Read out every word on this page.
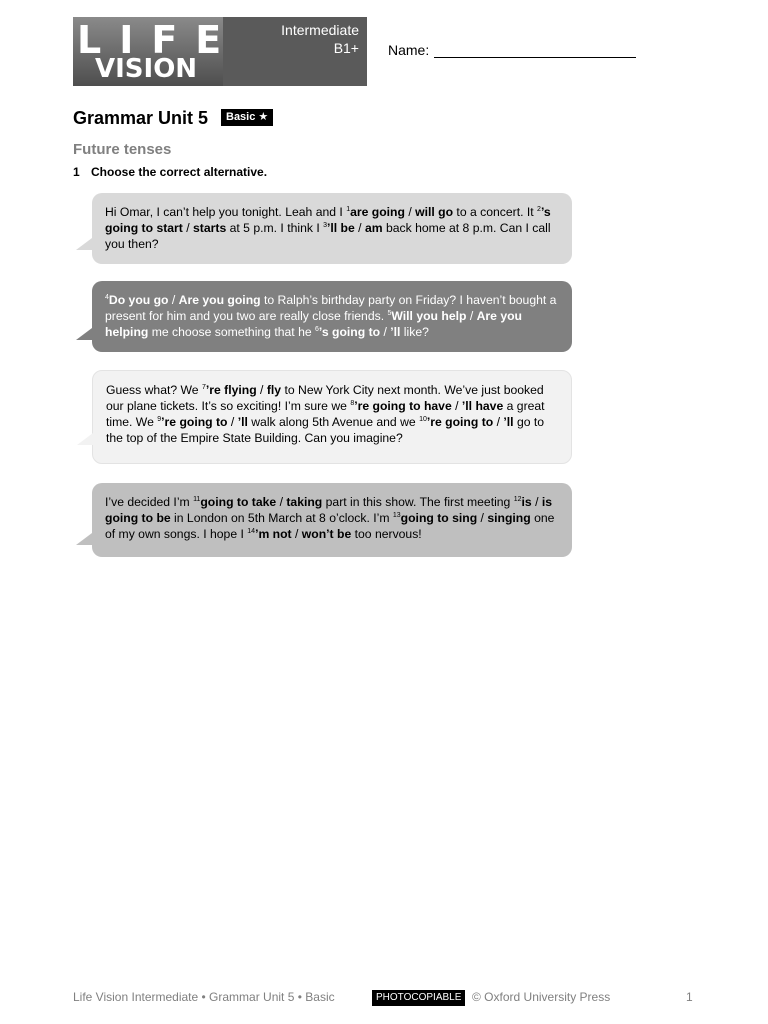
LIFE
VISION
Intermediate
B1+ Name:
Grammar Unit 5	Basic ★
Future tenses
1 Choose the correct alternative.
Hi Omar, I can’t help you tonight. Leah and I $^1$are going / will go to a concert. It $^2$’s going to start / starts at 5 p.m. I think I $^3$’ll be / am back home at 8 p.m. Can I call you then?
$^4$Do you go / Are you going to Ralph’s birthday party on Friday? I haven’t bought a present for him and you two are really close friends. $^5$Will you help / Are you helping me choose something that he $^6$’s going to / ’ll like?
Guess what? We $^7$’re flying / fly to New York City next month. We’ve just booked our plane tickets. It’s so exciting! I’m sure we $^8$’re going to have / ’ll have a great time. We $^9$’re going to / ’ll walk along 5th Avenue and we $^{10}$’re going to / ’ll go to the top of the Empire State Building. Can you imagine?
I’ve decided I’m $^{11}$going to take / taking part in this show. The first meeting $^{12}$is / is going to be in London on 5th March at 8 o’clock. I’m $^{13}$going to sing / singing one of my own songs. I hope I $^{14}$’m not / won’t be too nervous!
Life Vision Intermediate • Grammar Unit 5 • Basic	PHOTOCOPIABLE © Oxford University Press	1
